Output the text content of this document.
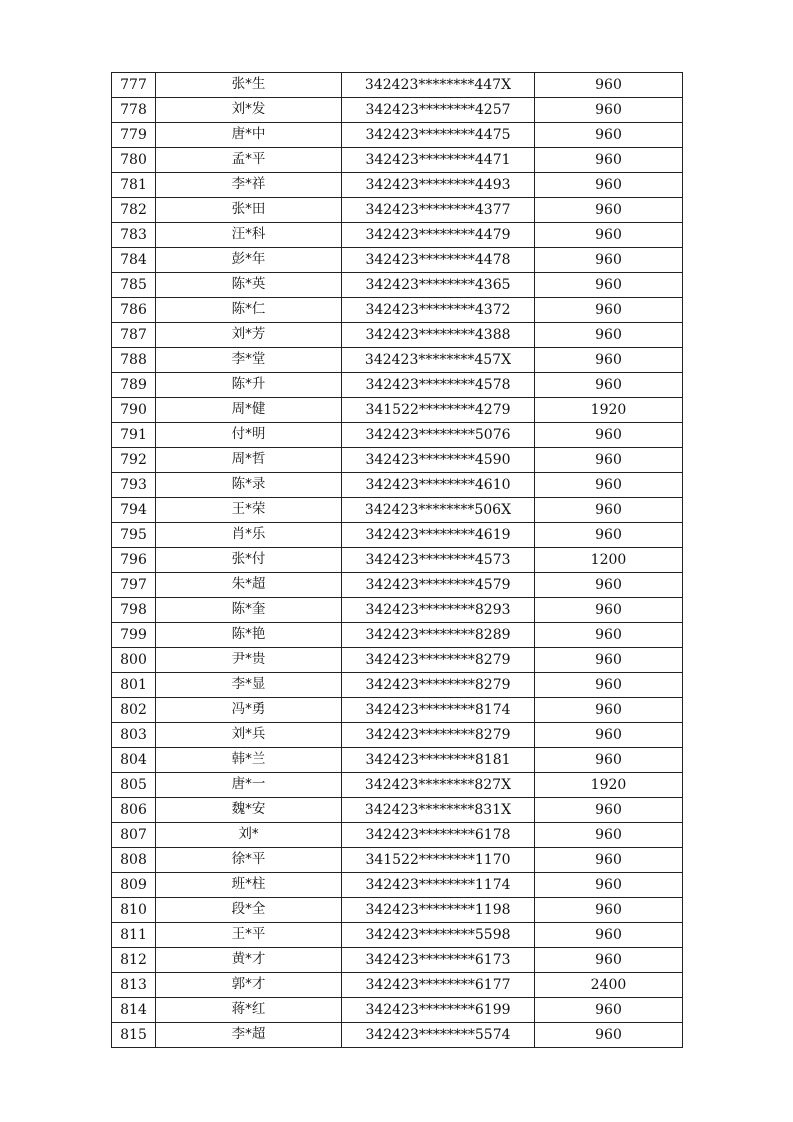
777	张*生	342423********447X	960
778	刘*发	342423********4257	960
779	唐*中	342423********4475	960
780	孟*平	342423********4471	960
781	李*祥	342423********4493	960
782	张*田	342423********4377	960
783	汪*科	342423********4479	960
784	彭*年	342423********4478	960
785	陈*英	342423********4365	960
786	陈*仁	342423********4372	960
787	刘*芳	342423********4388	960
788	李*堂	342423********457X	960
789	陈*升	342423********4578	960
790	周*健	341522********4279	1920
791	付*明	342423********5076	960
792	周*哲	342423********4590	960
793	陈*录	342423********4610	960
794	王*荣	342423********506X	960
795	肖*乐	342423********4619	960
796	张*付	342423********4573	1200
797	朱*超	342423********4579	960
798	陈*奎	342423********8293	960
799	陈*艳	342423********8289	960
800	尹*贵	342423********8279	960
801	李*显	342423********8279	960
802	冯*勇	342423********8174	960
803	刘*兵	342423********8279	960
804	韩*兰	342423********8181	960
805	唐*一	342423********827X	1920
806	魏*安	342423********831X	960
807	刘*	342423********6178	960
808	徐*平	341522********1170	960
809	班*柱	342423********1174	960
810	段*全	342423********1198	960
811	王*平	342423********5598	960
812	黄*才	342423********6173	960
813	郭*才	342423********6177	2400
814	蒋*红	342423********6199	960
815	李*超	342423********5574	960
